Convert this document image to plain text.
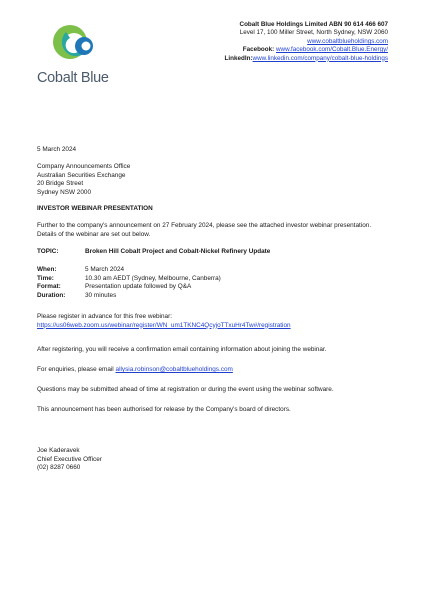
Cobalt Blue
Cobalt Blue Holdings Limited ABN 90 614 466 607
Level 17, 100 Miller Street, North Sydney, NSW 2060
www.cobaltblueholdings.com
Facebook: www.facebook.com/Cobalt.Blue.Energy/
LinkedIn:www.linkedin.com/company/cobalt-blue-holdings
5 March 2024
Company Announcements Office
Australian Securities Exchange
20 Bridge Street
Sydney NSW 2000
INVESTOR WEBINAR PRESENTATION
Further to the company's announcement on 27 February 2024, please see the attached investor webinar presentation. Details of the webinar are set out below.
TOPIC:	Broken Hill Cobalt Project and Cobalt-Nickel Refinery Update
When:	5 March 2024
Time:	10.30 am AEDT (Sydney, Melbourne, Canberra)
Format:	Presentation update followed by Q&A
Duration:	30 minutes
Please register in advance for this free webinar:
https://us06web.zoom.us/webinar/register/WN_um1TKNC4QcyjoTTxuHr4Tw#/registration
After registering, you will receive a confirmation email containing information about joining the webinar.
For enquiries, please email allysia.robinson@cobaltblueholdings.com
Questions may be submitted ahead of time at registration or during the event using the webinar software.
This announcement has been authorised for release by the Company's board of directors.
Joe Kaderavek
Chief Executive Officer
(02) 8287 0660
